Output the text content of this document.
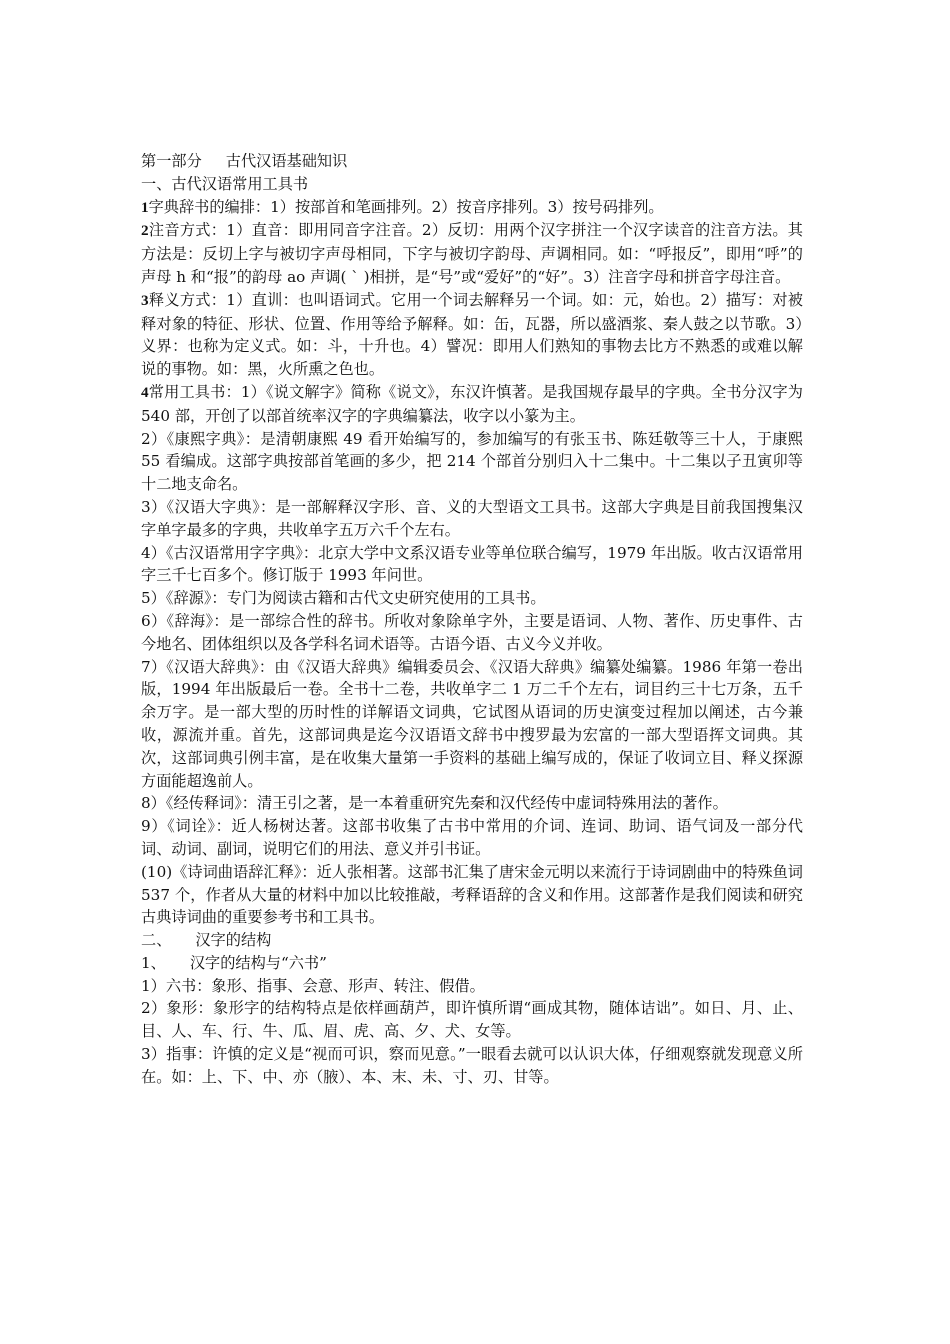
第一部分 古代汉语基础知识

一、古代汉语常用工具书

1字典辞书的编排：1）按部首和笔画排列。2）按音序排列。3）按号码排列。

2注音方式：1）直音：即用同音字注音。2）反切：用两个汉字拼注一个汉字读音的注音方法。其方法是：反切上字与被切字声母相同，下字与被切字韵母、声调相同。如：“呼报反”，即用“呼”的声母 h 和“报”的韵母 ao 声调( ` )相拼，是“号”或“爱好”的“好”。3）注音字母和拼音字母注音。

3释义方式：1）直训：也叫语词式。它用一个词去解释另一个词。如：元，始也。2）描写：对被释对象的特征、形状、位置、作用等给予解释。如：缶，瓦器，所以盛酒浆、秦人鼓之以节歌。3）义界：也称为定义式。如：斗，十升也。4）譬况：即用人们熟知的事物去比方不熟悉的或难以解说的事物。如：黑，火所熏之色也。

4常用工具书：1）《说文解字》简称《说文》，东汉许慎著。是我国规存最早的字典。全书分汉字为 540 部，开创了以部首统率汉字的字典编纂法，收字以小篆为主。

2）《康熙字典》：是清朝康熙 49 看开始编写的，参加编写的有张玉书、陈廷敬等三十人，于康熙 55 看编成。这部字典按部首笔画的多少，把 214 个部首分别归入十二集中。十二集以子丑寅卯等十二地支命名。

3）《汉语大字典》：是一部解释汉字形、音、义的大型语文工具书。这部大字典是目前我国搜集汉字单字最多的字典，共收单字五万六千个左右。

4）《古汉语常用字字典》：北京大学中文系汉语专业等单位联合编写，1979 年出版。收古汉语常用字三千七百多个。修订版于 1993 年问世。

5）《辞源》：专门为阅读古籍和古代文史研究使用的工具书。

6）《辞海》：是一部综合性的辞书。所收对象除单字外，主要是语词、人物、著作、历史事件、古今地名、团体组织以及各学科名词术语等。古语今语、古义今义并收。

7）《汉语大辞典》：由《汉语大辞典》编辑委员会、《汉语大辞典》编纂处编纂。1986 年第一卷出版，1994 年出版最后一卷。全书十二卷，共收单字二 1 万二千个左右，词目约三十七万条，五千余万字。是一部大型的历时性的详解语文词典，它试图从语词的历史演变过程加以阐述，古今兼收，源流并重。首先，这部词典是迄今汉语语文辞书中搜罗最为宏富的一部大型语挥文词典。其次，这部词典引例丰富，是在收集大量第一手资料的基础上编写成的，保证了收词立目、释义探源方面能超逸前人。

8）《经传释词》：清王引之著，是一本着重研究先秦和汉代经传中虚词特殊用法的著作。

9）《词诠》：近人杨树达著。这部书收集了古书中常用的介词、连词、助词、语气词及一部分代词、动词、副词，说明它们的用法、意义并引书证。

(10)《诗词曲语辞汇释》：近人张相著。这部书汇集了唐宋金元明以来流行于诗词剧曲中的特殊鱼词 537 个，作者从大量的材料中加以比较推敲，考释语辞的含义和作用。这部著作是我们阅读和研究古典诗词曲的重要参考书和工具书。

二、 汉字的结构

1、 汉字的结构与“六书”

1）六书：象形、指事、会意、形声、转注、假借。

2）象形：象形字的结构特点是依样画葫芦，即许慎所谓“画成其物，随体诘诎”。如日、月、止、目、人、车、行、牛、瓜、眉、虎、高、夕、犬、女等。

3）指事：许慎的定义是“视而可识，察而见意。”一眼看去就可以认识大体，仔细观察就发现意义所在。如：上、下、中、亦（腋）、本、末、未、寸、刃、甘等。
